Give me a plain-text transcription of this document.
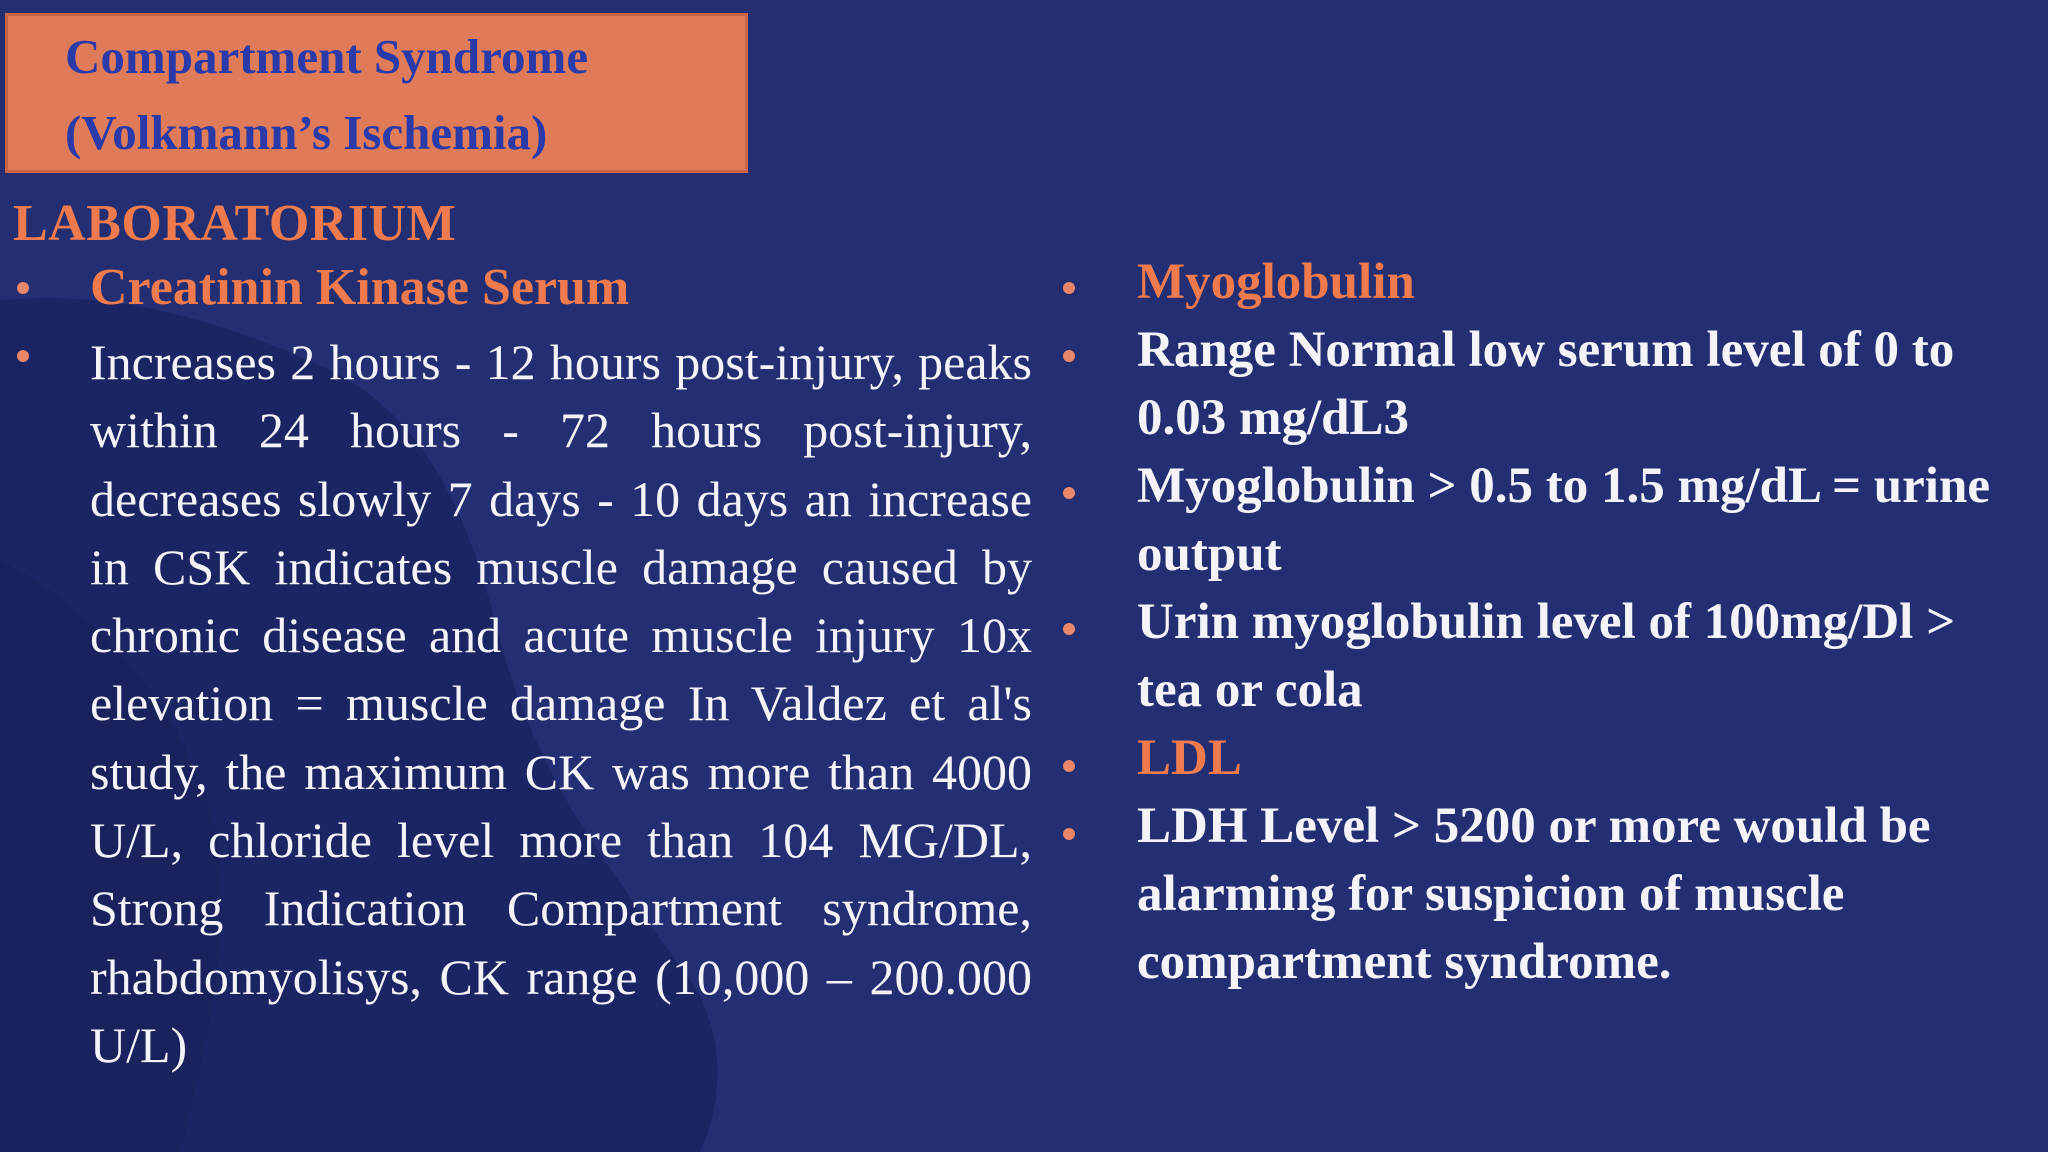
Compartment Syndrome
(Volkmann’s Ischemia)
LABORATORIUM
Creatinin Kinase Serum
Increases 2 hours - 12 hours post-injury, peaks within 24 hours - 72 hours post-injury, decreases slowly 7 days - 10 days an increase in CSK indicates muscle damage caused by chronic disease and acute muscle injury 10x elevation = muscle damage In Valdez et al's study, the maximum CK was more than 4000 U/L, chloride level more than 104 MG/DL, Strong Indication Compartment syndrome, rhabdomyolisys, CK range (10,000 – 200.000 U/L)
Myoglobulin
Range Normal low serum level of 0 to
0.03 mg/dL3
Myoglobulin > 0.5 to 1.5 mg/dL = urine
output
Urin myoglobulin level of 100mg/Dl >
tea or cola
LDL
LDH Level > 5200 or more would be
alarming for suspicion of muscle
compartment syndrome.
